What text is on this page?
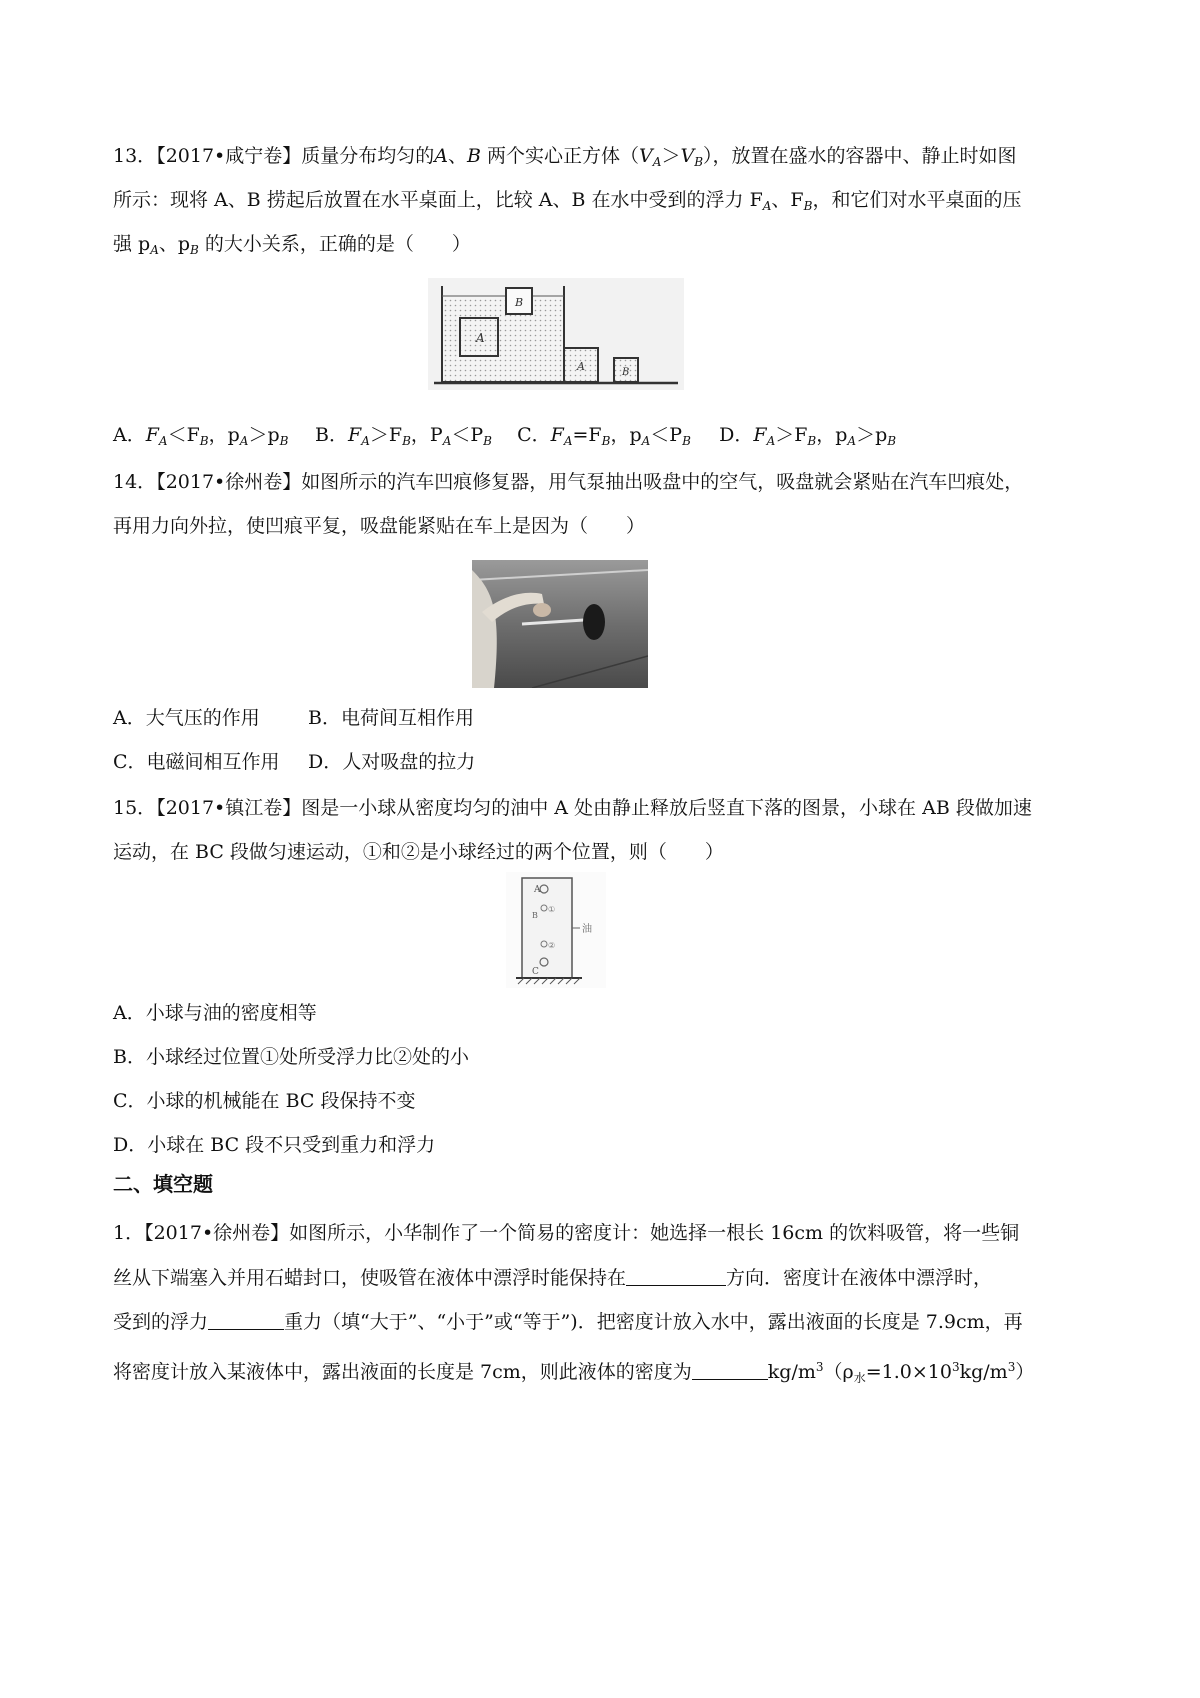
13．【2017•咸宁卷】质量分布均匀的A、B 两个实心正方体$(V_A>V_B)$，放置在盛水的容器中、静止时如图
所示：现将 A、B 捞起后放置在水平桌面上，比较 A、B 在水中受到的浮力 $F_A$、$F_B$，和它们对水平桌面的压
强 $p_A$、$p_B$ 的大小关系，正确的是（　　）
A
B
A	B
A．$F_A<F_B$，$p_A>p_B$ B．$F_A>F_B$，$P_A<P_B$ C．$F_A=F_B$，$p_A<P_B$ D．$F_A>F_B$，$p_A>p_B$
14．【2017•徐州卷】如图所示的汽车凹痕修复器，用气泵抽出吸盘中的空气，吸盘就会紧贴在汽车凹痕处，
再用力向外拉，使凹痕平复，吸盘能紧贴在车上是因为（　　）
A．大气压的作用	B．电荷间互相作用
C．电磁间相互作用 D．人对吸盘的拉力
15．【2017•镇江卷】图是一小球从密度均匀的油中 A 处由静止释放后竖直下落的图景，小球在 AB 段做加速
运动，在 BC 段做匀速运动，①和②是小球经过的两个位置，则（　　）
A
B
①
②
C
油
A．小球与油的密度相等
B．小球经过位置①处所受浮力比②处的小
C．小球的机械能在 BC 段保持不变
D．小球在 BC 段不只受到重力和浮力
二、填空题
1．【2017•徐州卷】如图所示，小华制作了一个简易的密度计：她选择一根长 16cm 的饮料吸管，将一些铜
丝从下端塞入并用石蜡封口，使吸管在液体中漂浮时能保持在	方向．密度计在液体中漂浮时，
受到的浮力	重力（填“大于”、“小于”或“等于”)．把密度计放入水中，露出液面的长度是 7.9cm，再
将密度计放入某液体中，露出液面的长度是 7cm，则此液体的密度为	$kg/m^3(\rho_水=1.0\times 10^3kg/m^3)$
